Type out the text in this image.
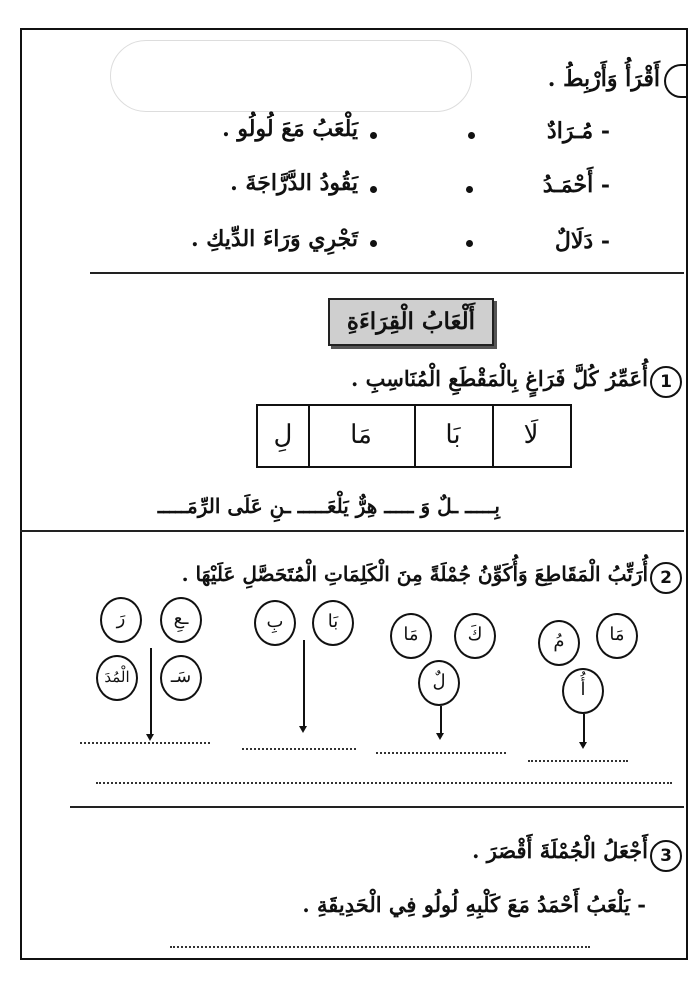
أَقْرَأُ وَأَرْبِطُ .
- مُـرَادٌ
يَلْعَبُ مَعَ لُولُو .
- أَحْمَـدُ
يَقُودُ الدَّرَّاجَةَ .
- دَلَالٌ
تَجْرِي وَرَاءَ الدِّيكِ .
أَلْعَابُ الْقِرَاءَةِ
1
أُعَمِّرُ كُلَّ فَرَاغٍ بِالْمَقْطَعِ الْمُنَاسِبِ .
لَا
بَا
مَا
لِ
بِـــــ ـلٌ وَ ـــــ هِرٌّ يَلْعَـــــ ـنِ عَلَى الرِّمَـــــ
2
أُرَتِّبُ الْمَقَاطِعَ وَأُكَوِّنُ جُمْلَةً مِنَ الْكَلِمَاتِ الْمُتَحَصَّلِ عَلَيْهَا .
مَا
مُ
أُ
كَ
مَا
لٌ
بَا
بِ
ـعِ
رَ
سَـ
الْمُدَ
3
أَجْعَلُ الْجُمْلَةَ أَقْصَرَ .
- يَلْعَبُ أَحْمَدُ مَعَ كَلْبِهِ لُولُو فِي الْحَدِيقَةِ .
